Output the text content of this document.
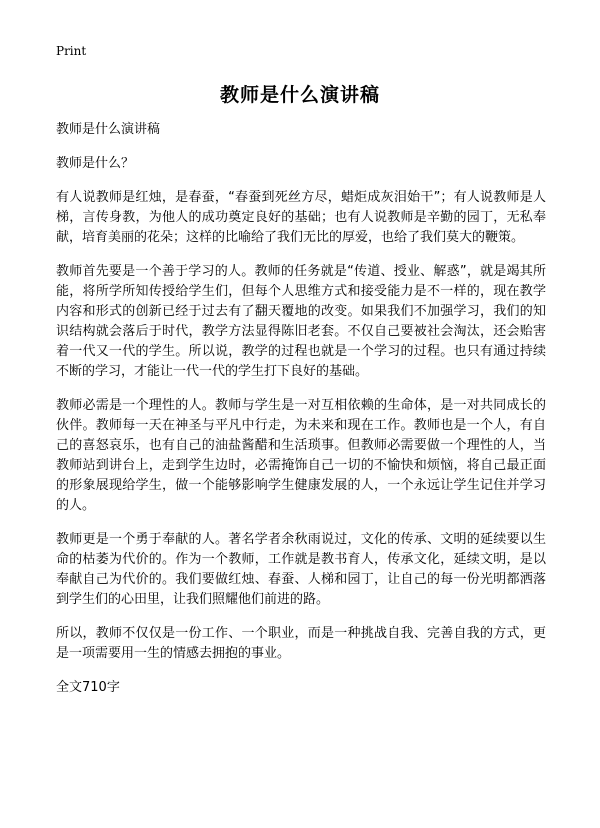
Print
教师是什么演讲稿

教师是什么演讲稿

教师是什么？

有人说教师是红烛，是春蚕，“春蚕到死丝方尽，蜡炬成灰泪始干”；有人说教师是人梯，言传身教，为他人的成功奠定良好的基础；也有人说教师是辛勤的园丁，无私奉献，培育美丽的花朵；这样的比喻给了我们无比的厚爱，也给了我们莫大的鞭策。

教师首先要是一个善于学习的人。教师的任务就是“传道、授业、解惑”，就是竭其所能，将所学所知传授给学生们，但每个人思维方式和接受能力是不一样的，现在教学内容和形式的创新已经于过去有了翻天覆地的改变。如果我们不加强学习，我们的知识结构就会落后于时代，教学方法显得陈旧老套。不仅自己要被社会淘汰，还会贻害着一代又一代的学生。所以说，教学的过程也就是一个学习的过程。也只有通过持续不断的学习，才能让一代一代的学生打下良好的基础。

教师必需是一个理性的人。教师与学生是一对互相依赖的生命体，是一对共同成长的伙伴。教师每一天在神圣与平凡中行走，为未来和现在工作。教师也是一个人，有自己的喜怒哀乐，也有自己的油盐酱醋和生活琐事。但教师必需要做一个理性的人，当教师站到讲台上，走到学生边时，必需掩饰自己一切的不愉快和烦恼，将自己最正面的形象展现给学生，做一个能够影响学生健康发展的人，一个永远让学生记住并学习的人。

教师更是一个勇于奉献的人。著名学者余秋雨说过，文化的传承、文明的延续要以生命的枯萎为代价的。作为一个教师，工作就是教书育人，传承文化，延续文明，是以奉献自己为代价的。我们要做红烛、春蚕、人梯和园丁，让自己的每一份光明都洒落到学生们的心田里，让我们照耀他们前进的路。

所以，教师不仅仅是一份工作、一个职业，而是一种挑战自我、完善自我的方式，更是一项需要用一生的情感去拥抱的事业。

全文710字
